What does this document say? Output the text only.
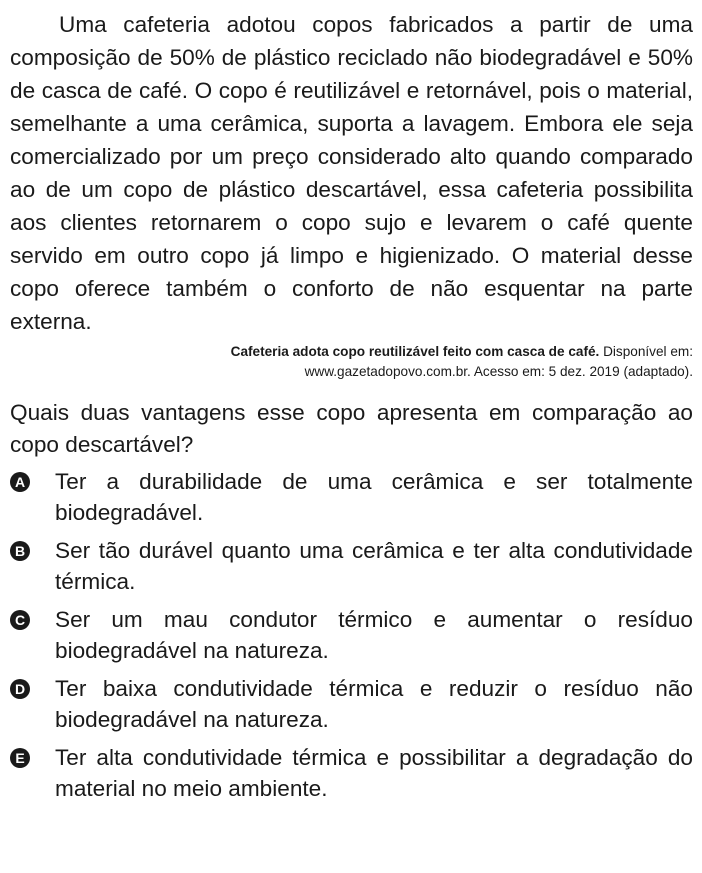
Uma cafeteria adotou copos fabricados a partir de uma composição de 50% de plástico reciclado não biodegradável e 50% de casca de café. O copo é reutilizável e retornável, pois o material, semelhante a uma cerâmica, suporta a lavagem. Embora ele seja comercializado por um preço considerado alto quando comparado ao de um copo de plástico descartável, essa cafeteria possibilita aos clientes retornarem o copo sujo e levarem o café quente servido em outro copo já limpo e higienizado. O material desse copo oferece também o conforto de não esquentar na parte externa.

Cafeteria adota copo reutilizável feito com casca de café. Disponível em:
www.gazetadopovo.com.br. Acesso em: 5 dez. 2019 (adaptado).
Quais duas vantagens esse copo apresenta em comparação ao copo descartável?
A Ter a durabilidade de uma cerâmica e ser totalmente biodegradável.
B Ser tão durável quanto uma cerâmica e ter alta condutividade térmica.
C Ser um mau condutor térmico e aumentar o resíduo biodegradável na natureza.
D Ter baixa condutividade térmica e reduzir o resíduo não biodegradável na natureza.
E Ter alta condutividade térmica e possibilitar a degradação do material no meio ambiente.
